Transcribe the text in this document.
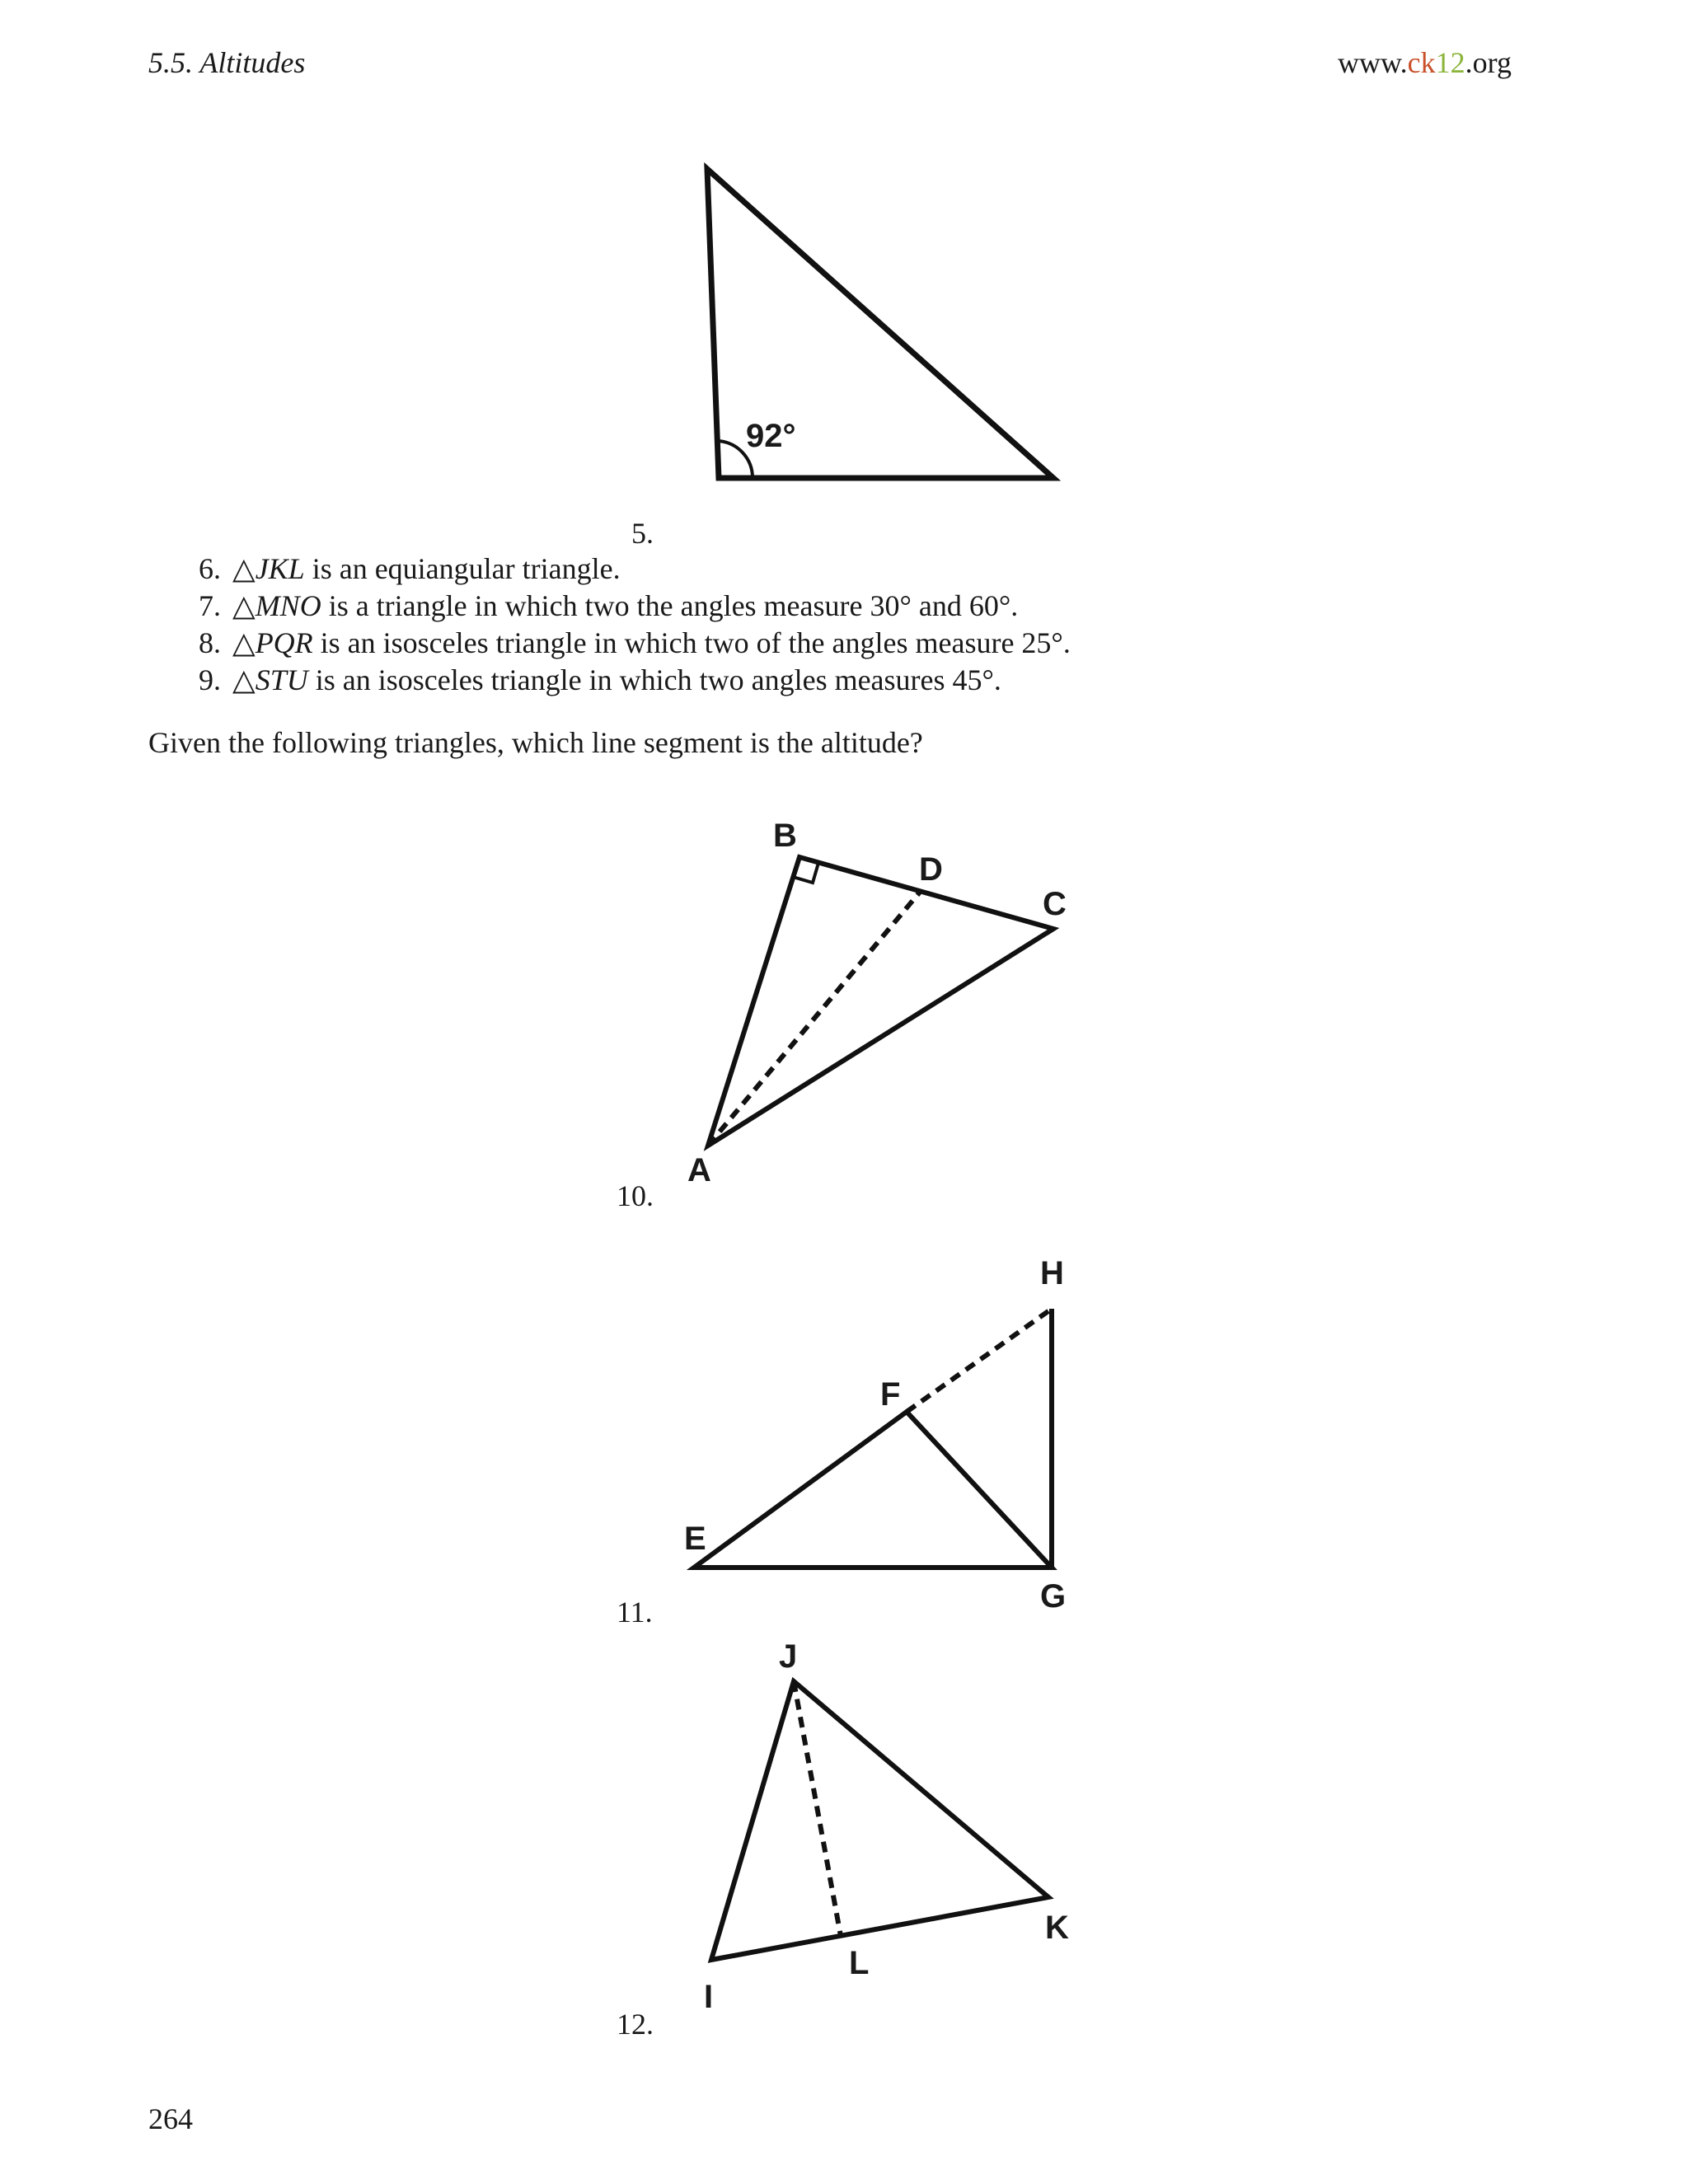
5.5. Altitudes	www.ck12.org
92°
B
D
C
A
H
F
E
G
J
K
L
I
5.
6. △JKL is an equiangular triangle.
7. △MNO is a triangle in which two the angles measure 30° and 60°.
8. △PQR is an isosceles triangle in which two of the angles measure 25°.
9. △STU is an isosceles triangle in which two angles measures 45°.
Given the following triangles, which line segment is the altitude?
10.
11.
12.
264
